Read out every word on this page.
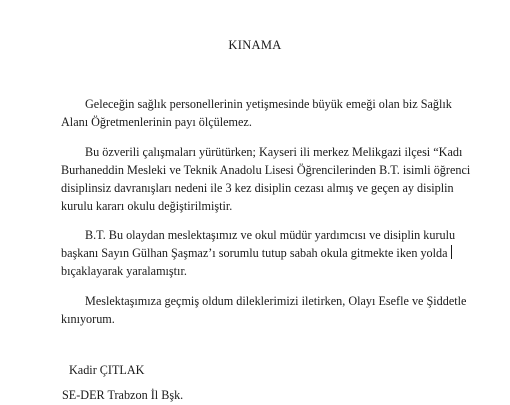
KINAMA

Geleceğin sağlık personellerinin yetişmesinde büyük emeği olan biz Sağlık
Alanı Öğretmenlerinin payı ölçülemez.

Bu özverili çalışmaları yürütürken; Kayseri ili merkez Melikgazi ilçesi “Kadı
Burhaneddin Mesleki ve Teknik Anadolu Lisesi Öğrencilerinden B.T. isimli öğrenci
disiplinsiz davranışları nedeni ile 3 kez disiplin cezası almış ve geçen ay disiplin
kurulu kararı okulu değiştirilmiştir.

B.T. Bu olaydan meslektaşımız ve okul müdür yardımcısı ve disiplin kurulu
başkanı Sayın Gülhan Şaşmaz’ı sorumlu tutup sabah okula gitmekte iken yolda
bıçaklayarak yaralamıştır.

Meslektaşımıza geçmiş oldum dileklerimizi iletirken, Olayı Esefle ve Şiddetle
kınıyorum.

Kadir ÇITLAK
SE-DER Trabzon İl Bşk.
